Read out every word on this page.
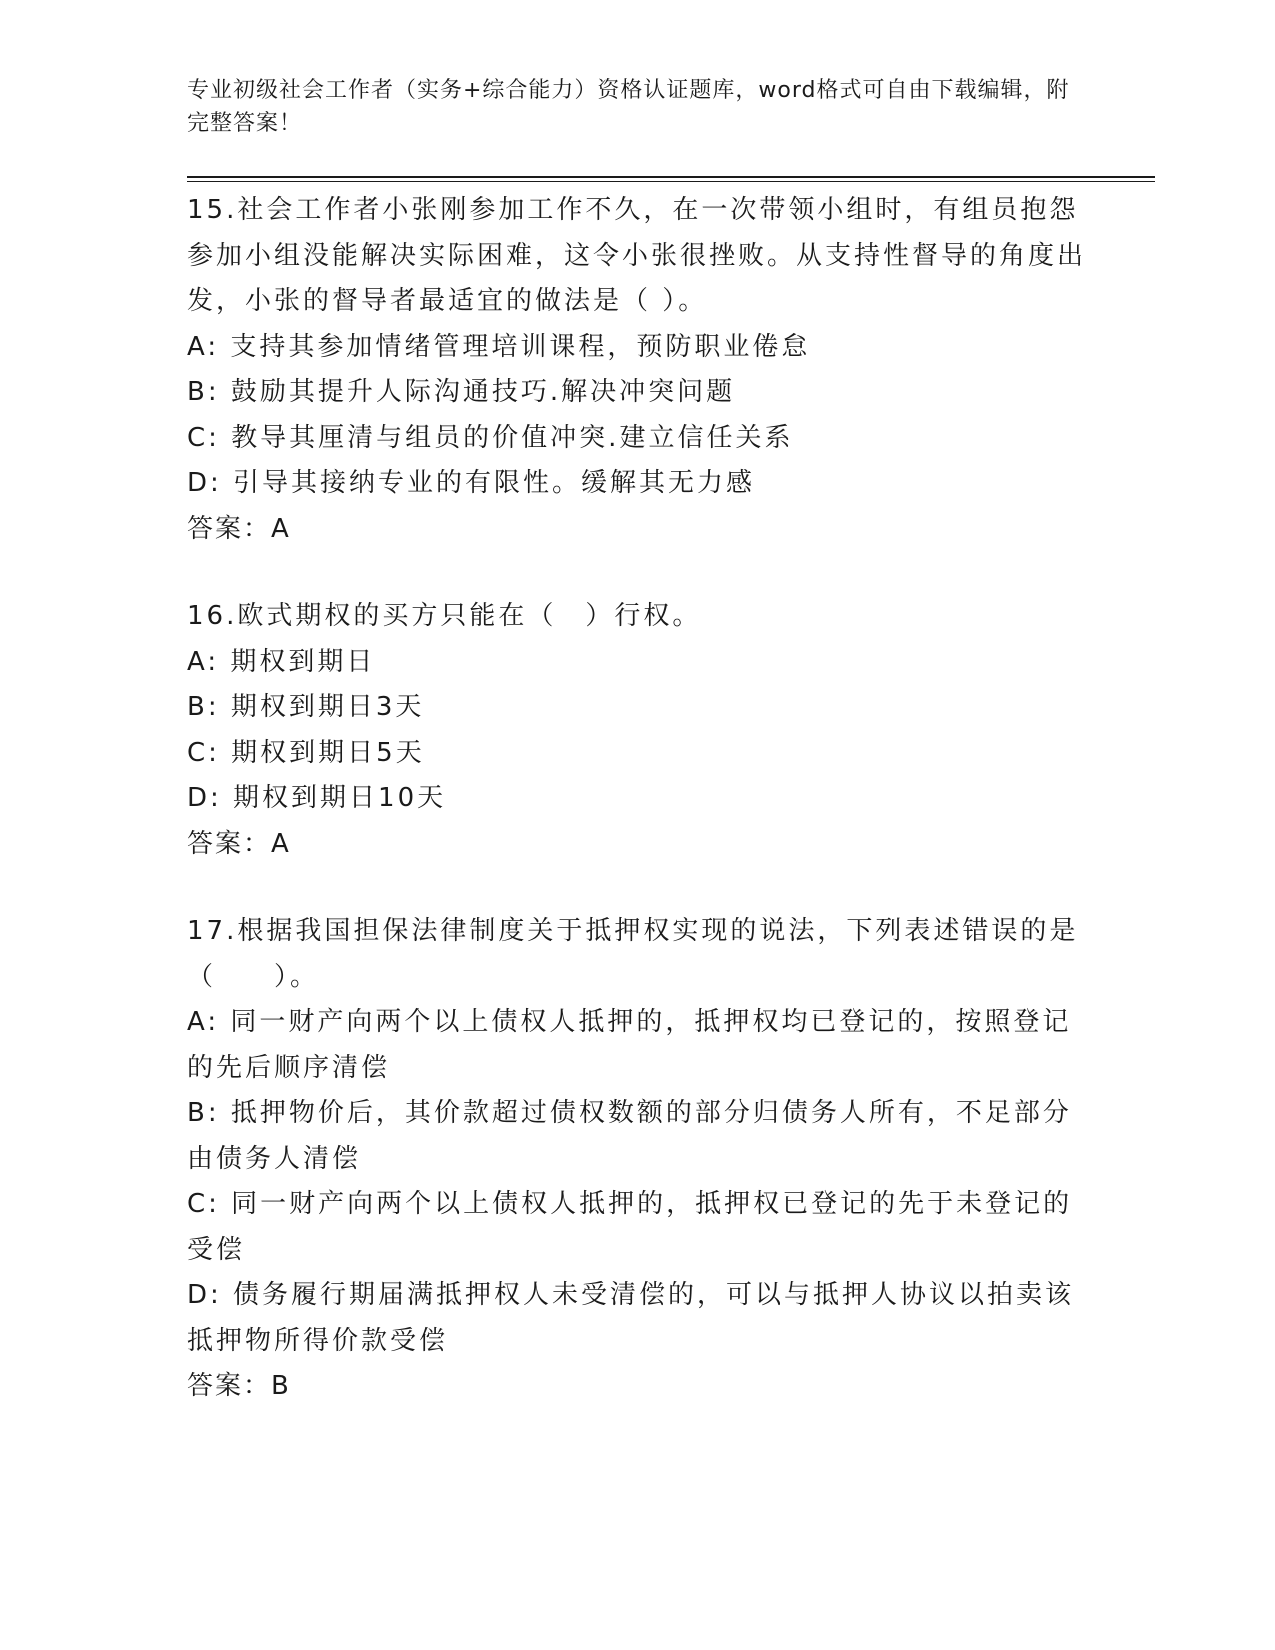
专业初级社会工作者（实务+综合能力）资格认证题库，word格式可自由下载编辑，附完整答案！

15.社会工作者小张刚参加工作不久，在一次带领小组时，有组员抱怨参加小组没能解决实际困难，这令小张很挫败。从支持性督导的角度出发，小张的督导者最适宜的做法是（ ）。

A: 支持其参加情绪管理培训课程，预防职业倦怠

B: 鼓励其提升人际沟通技巧.解决冲突问题

C: 教导其厘清与组员的价值冲突.建立信任关系

D: 引导其接纳专业的有限性。缓解其无力感

答案：A

16.欧式期权的买方只能在（　）行权。

A: 期权到期日

B: 期权到期日3天

C: 期权到期日5天

D: 期权到期日10天

答案：A

17.根据我国担保法律制度关于抵押权实现的说法，下列表述错误的是（　　）。

A: 同一财产向两个以上债权人抵押的，抵押权均已登记的，按照登记的先后顺序清偿

B: 抵押物价后，其价款超过债权数额的部分归债务人所有，不足部分由债务人清偿

C: 同一财产向两个以上债权人抵押的，抵押权已登记的先于未登记的受偿

D: 债务履行期届满抵押权人未受清偿的，可以与抵押人协议以拍卖该抵押物所得价款受偿

答案：B
